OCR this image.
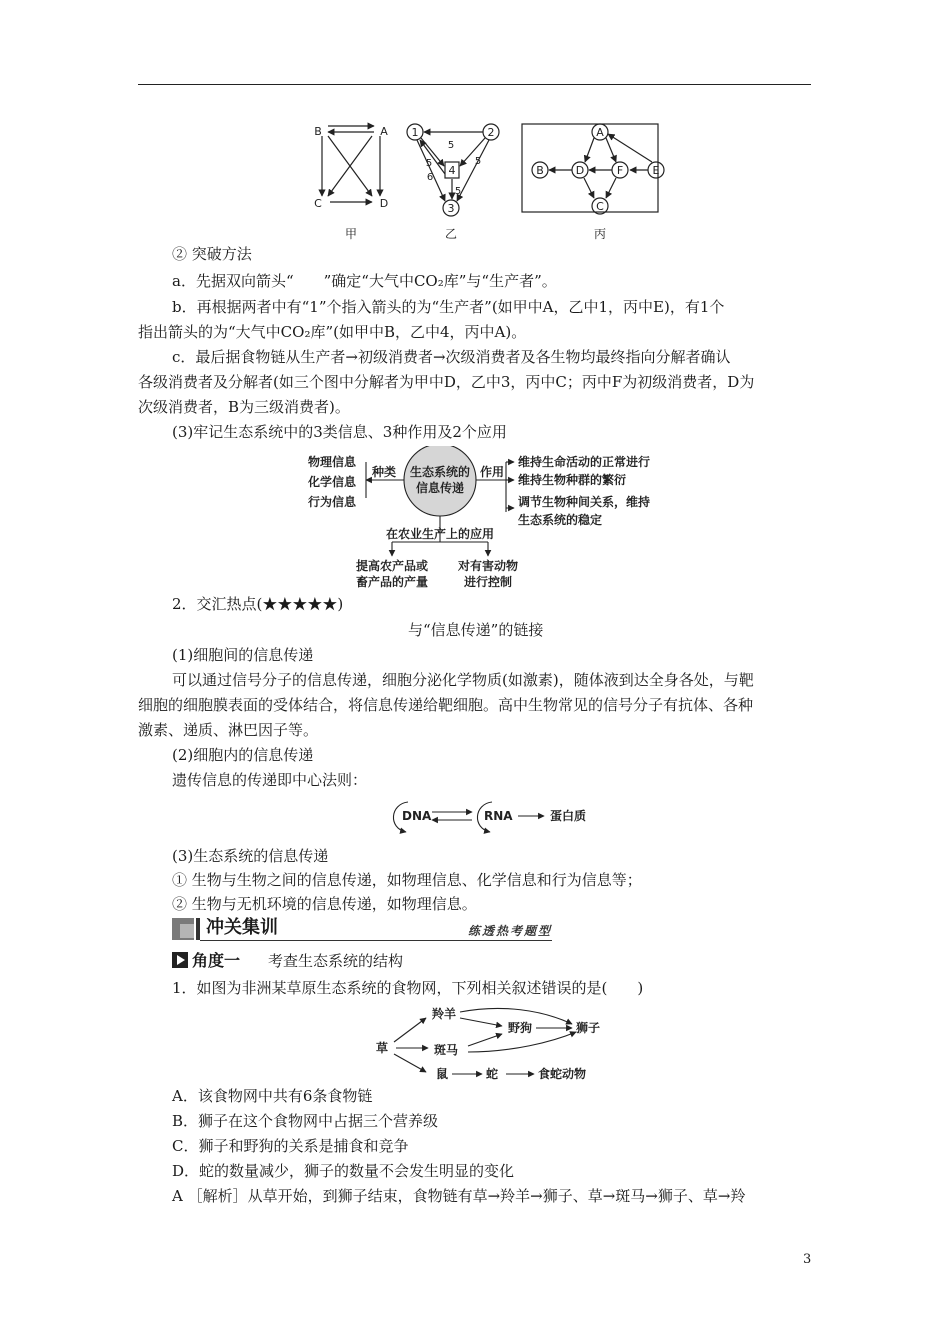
B	A
C	D
甲
1	2
3
4
5
5
6
5
5
乙
A
B
C
D	E
F
丙
② 突破方法
a．先据双向箭头“　　”确定“大气中CO₂库”与“生产者”。
b．再根据两者中有“1”个指入箭头的为“生产者”(如甲中A，乙中1，丙中E)，有1个
指出箭头的为“大气中CO₂库”(如甲中B，乙中4，丙中A)。
c．最后据食物链从生产者→初级消费者→次级消费者及各生物均最终指向分解者确认
各级消费者及分解者(如三个图中分解者为甲中D，乙中3，丙中C；丙中F为初级消费者，D为
次级消费者，B为三级消费者)。
(3)牢记生态系统中的3类信息、3种作用及2个应用
生态系统的
信息传递
物理信息
化学信息
行为信息
种类	作用
维持生命活动的正常进行
维持生物种群的繁衍
调节生物种间关系，维持
生态系统的稳定
在农业生产上的应用
提高农产品或
畜产品的产量
对有害动物
进行控制
2．交汇热点(★★★★★)
与“信息传递”的链接
(1)细胞间的信息传递
可以通过信号分子的信息传递，细胞分泌化学物质(如激素)，随体液到达全身各处，与靶
细胞的细胞膜表面的受体结合，将信息传递给靶细胞。高中生物常见的信号分子有抗体、各种
激素、递质、淋巴因子等。
(2)细胞内的信息传递
遗传信息的传递即中心法则：
DNA	RNA	蛋白质
(3)生态系统的信息传递
① 生物与生物之间的信息传递，如物理信息、化学信息和行为信息等；
② 生物与无机环境的信息传递，如物理信息。
冲关集训	练透热考题型
角度一 考查生态系统的结构
1．如图为非洲某草原生态系统的食物网，下列相关叙述错误的是(　　)
草
羚羊
斑马
鼠	蛇
野狗	狮子
食蛇动物
A．该食物网中共有6条食物链
B．狮子在这个食物网中占据三个营养级
C．狮子和野狗的关系是捕食和竞争
D．蛇的数量减少，狮子的数量不会发生明显的变化
A ［解析］从草开始，到狮子结束，食物链有草→羚羊→狮子、草→斑马→狮子、草→羚
3
